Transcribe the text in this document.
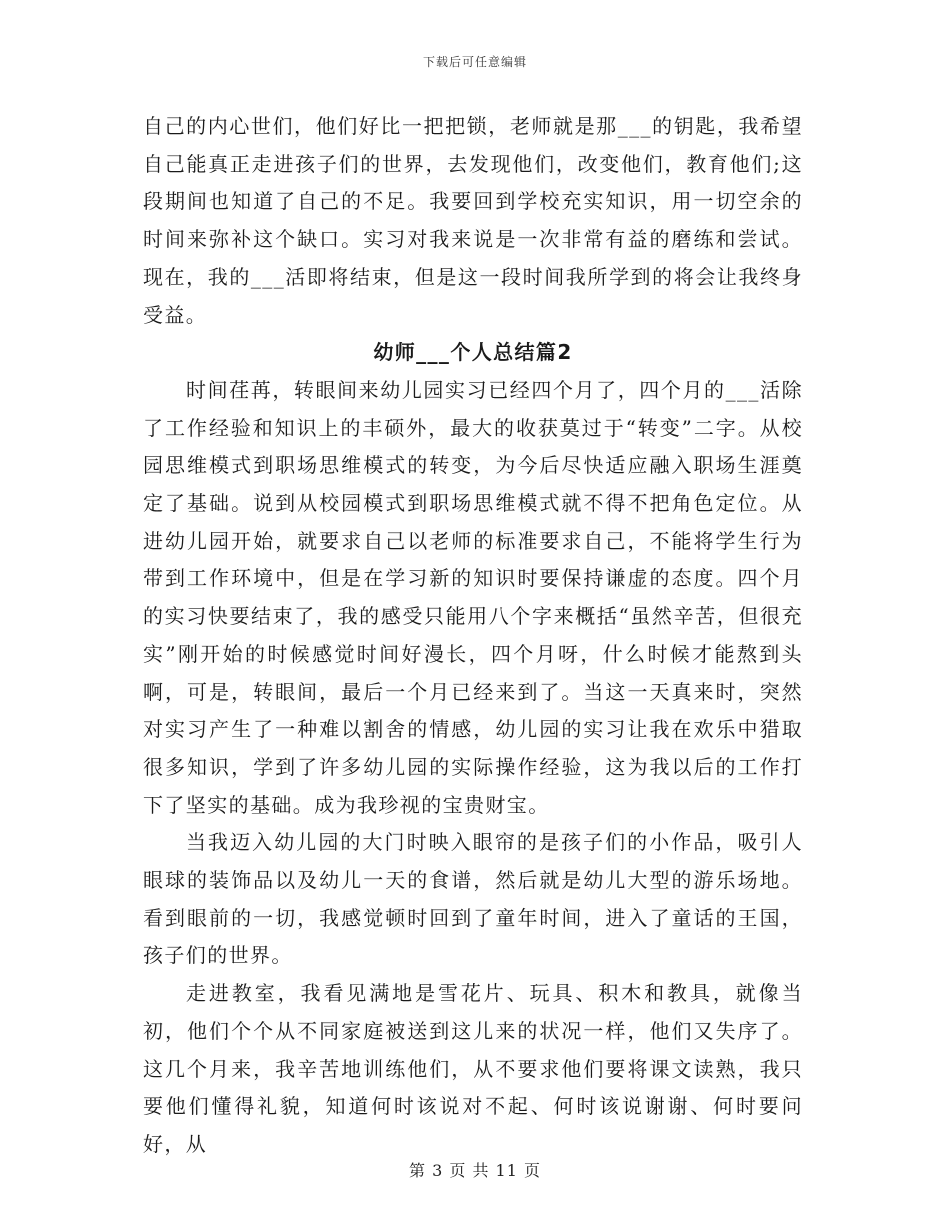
下载后可任意编辑

自己的内心世们，他们好比一把把锁，老师就是那___的钥匙，我希望自己能真正走进孩子们的世界，去发现他们，改变他们，教育他们;这段期间也知道了自己的不足。我要回到学校充实知识，用一切空余的时间来弥补这个缺口。实习对我来说是一次非常有益的磨练和尝试。现在，我的___活即将结束，但是这一段时间我所学到的将会让我终身受益。

幼师___个人总结篇2

时间荏苒，转眼间来幼儿园实习已经四个月了，四个月的___活除了工作经验和知识上的丰硕外，最大的收获莫过于“转变”二字。从校园思维模式到职场思维模式的转变，为今后尽快适应融入职场生涯奠定了基础。说到从校园模式到职场思维模式就不得不把角色定位。从进幼儿园开始，就要求自己以老师的标准要求自己，不能将学生行为带到工作环境中，但是在学习新的知识时要保持谦虚的态度。四个月的实习快要结束了，我的感受只能用八个字来概括“虽然辛苦，但很充实”刚开始的时候感觉时间好漫长，四个月呀，什么时候才能熬到头啊，可是，转眼间，最后一个月已经来到了。当这一天真来时，突然对实习产生了一种难以割舍的情感，幼儿园的实习让我在欢乐中猎取很多知识，学到了许多幼儿园的实际操作经验，这为我以后的工作打下了坚实的基础。成为我珍视的宝贵财宝。

当我迈入幼儿园的大门时映入眼帘的是孩子们的小作品，吸引人眼球的装饰品以及幼儿一天的食谱，然后就是幼儿大型的游乐场地。看到眼前的一切，我感觉顿时回到了童年时间，进入了童话的王国，孩子们的世界。

走进教室，我看见满地是雪花片、玩具、积木和教具，就像当初，他们个个从不同家庭被送到这儿来的状况一样，他们又失序了。这几个月来，我辛苦地训练他们，从不要求他们要将课文读熟，我只要他们懂得礼貌，知道何时该说对不起、何时该说谢谢、何时要问好，从

第 3 页 共 11 页
